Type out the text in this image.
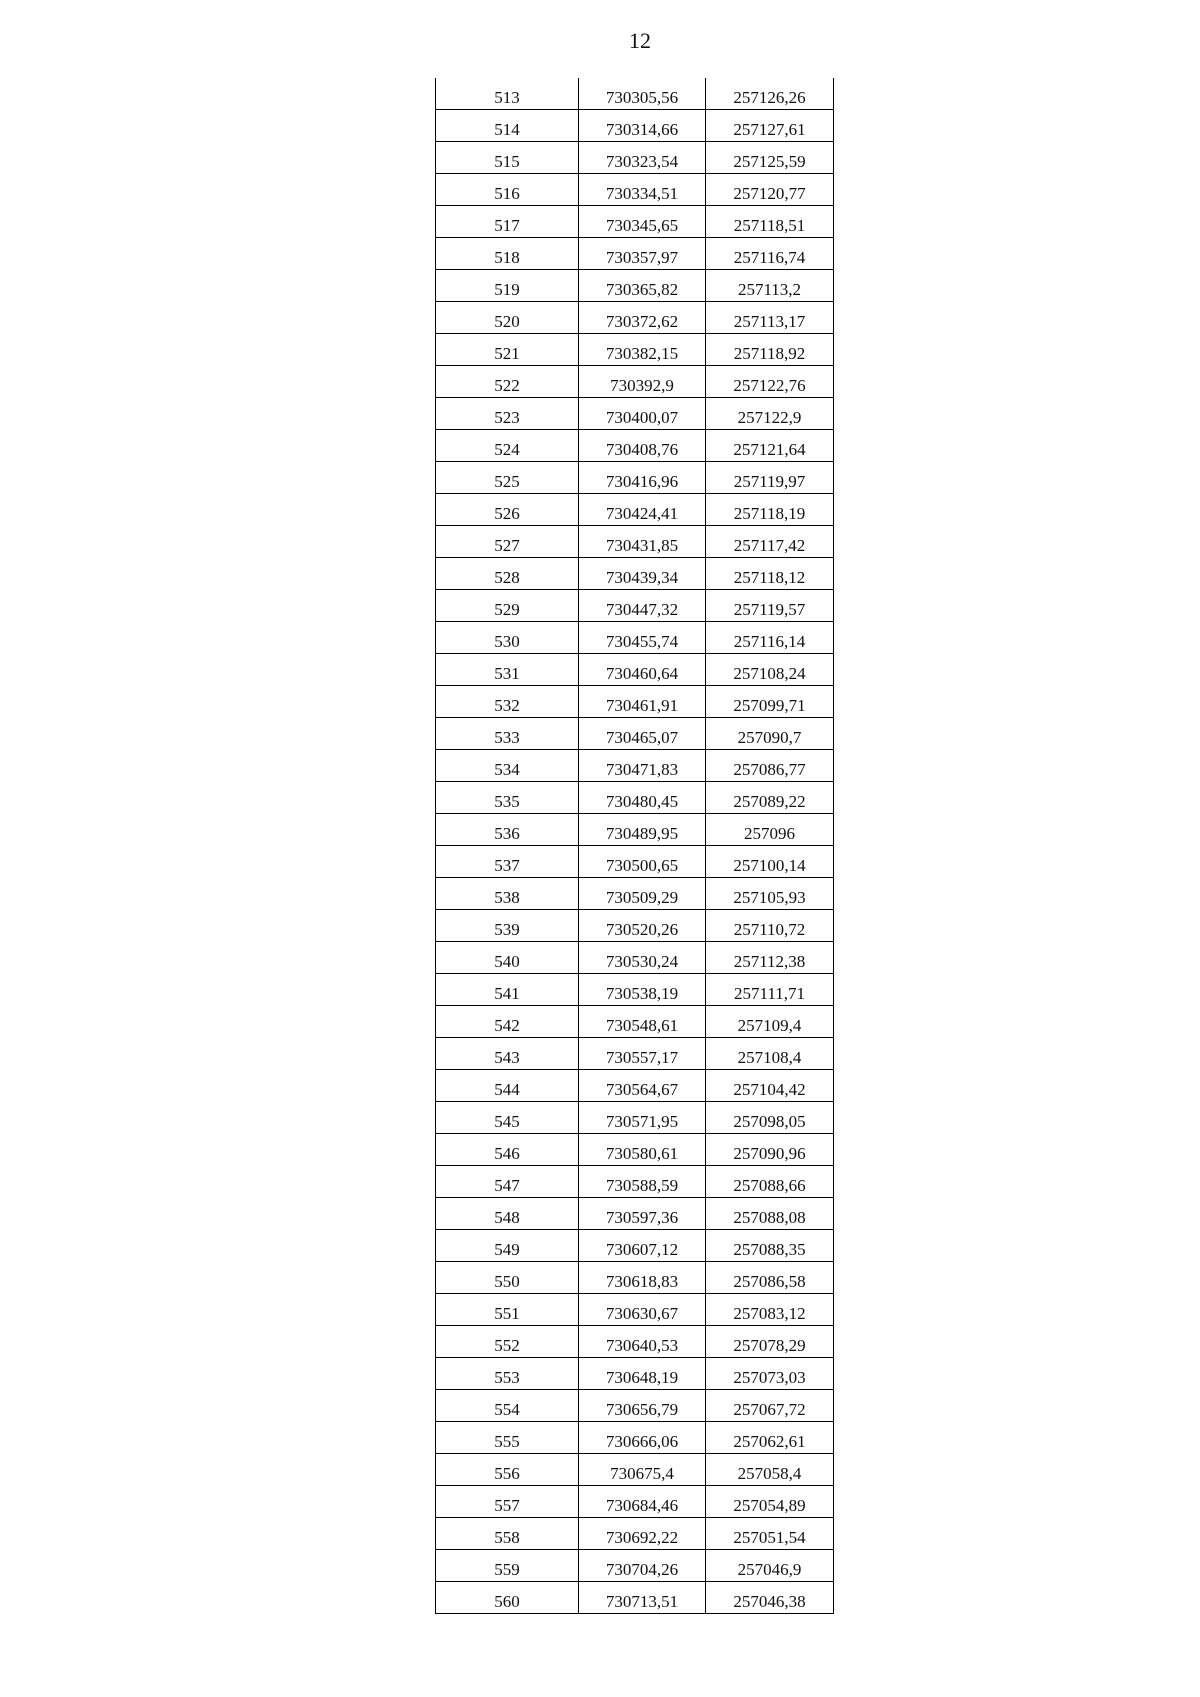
12
513	730305,56	257126,26
514	730314,66	257127,61
515	730323,54	257125,59
516	730334,51	257120,77
517	730345,65	257118,51
518	730357,97	257116,74
519	730365,82	257113,2
520	730372,62	257113,17
521	730382,15	257118,92
522	730392,9	257122,76
523	730400,07	257122,9
524	730408,76	257121,64
525	730416,96	257119,97
526	730424,41	257118,19
527	730431,85	257117,42
528	730439,34	257118,12
529	730447,32	257119,57
530	730455,74	257116,14
531	730460,64	257108,24
532	730461,91	257099,71
533	730465,07	257090,7
534	730471,83	257086,77
535	730480,45	257089,22
536	730489,95	257096
537	730500,65	257100,14
538	730509,29	257105,93
539	730520,26	257110,72
540	730530,24	257112,38
541	730538,19	257111,71
542	730548,61	257109,4
543	730557,17	257108,4
544	730564,67	257104,42
545	730571,95	257098,05
546	730580,61	257090,96
547	730588,59	257088,66
548	730597,36	257088,08
549	730607,12	257088,35
550	730618,83	257086,58
551	730630,67	257083,12
552	730640,53	257078,29
553	730648,19	257073,03
554	730656,79	257067,72
555	730666,06	257062,61
556	730675,4	257058,4
557	730684,46	257054,89
558	730692,22	257051,54
559	730704,26	257046,9
560	730713,51	257046,38
